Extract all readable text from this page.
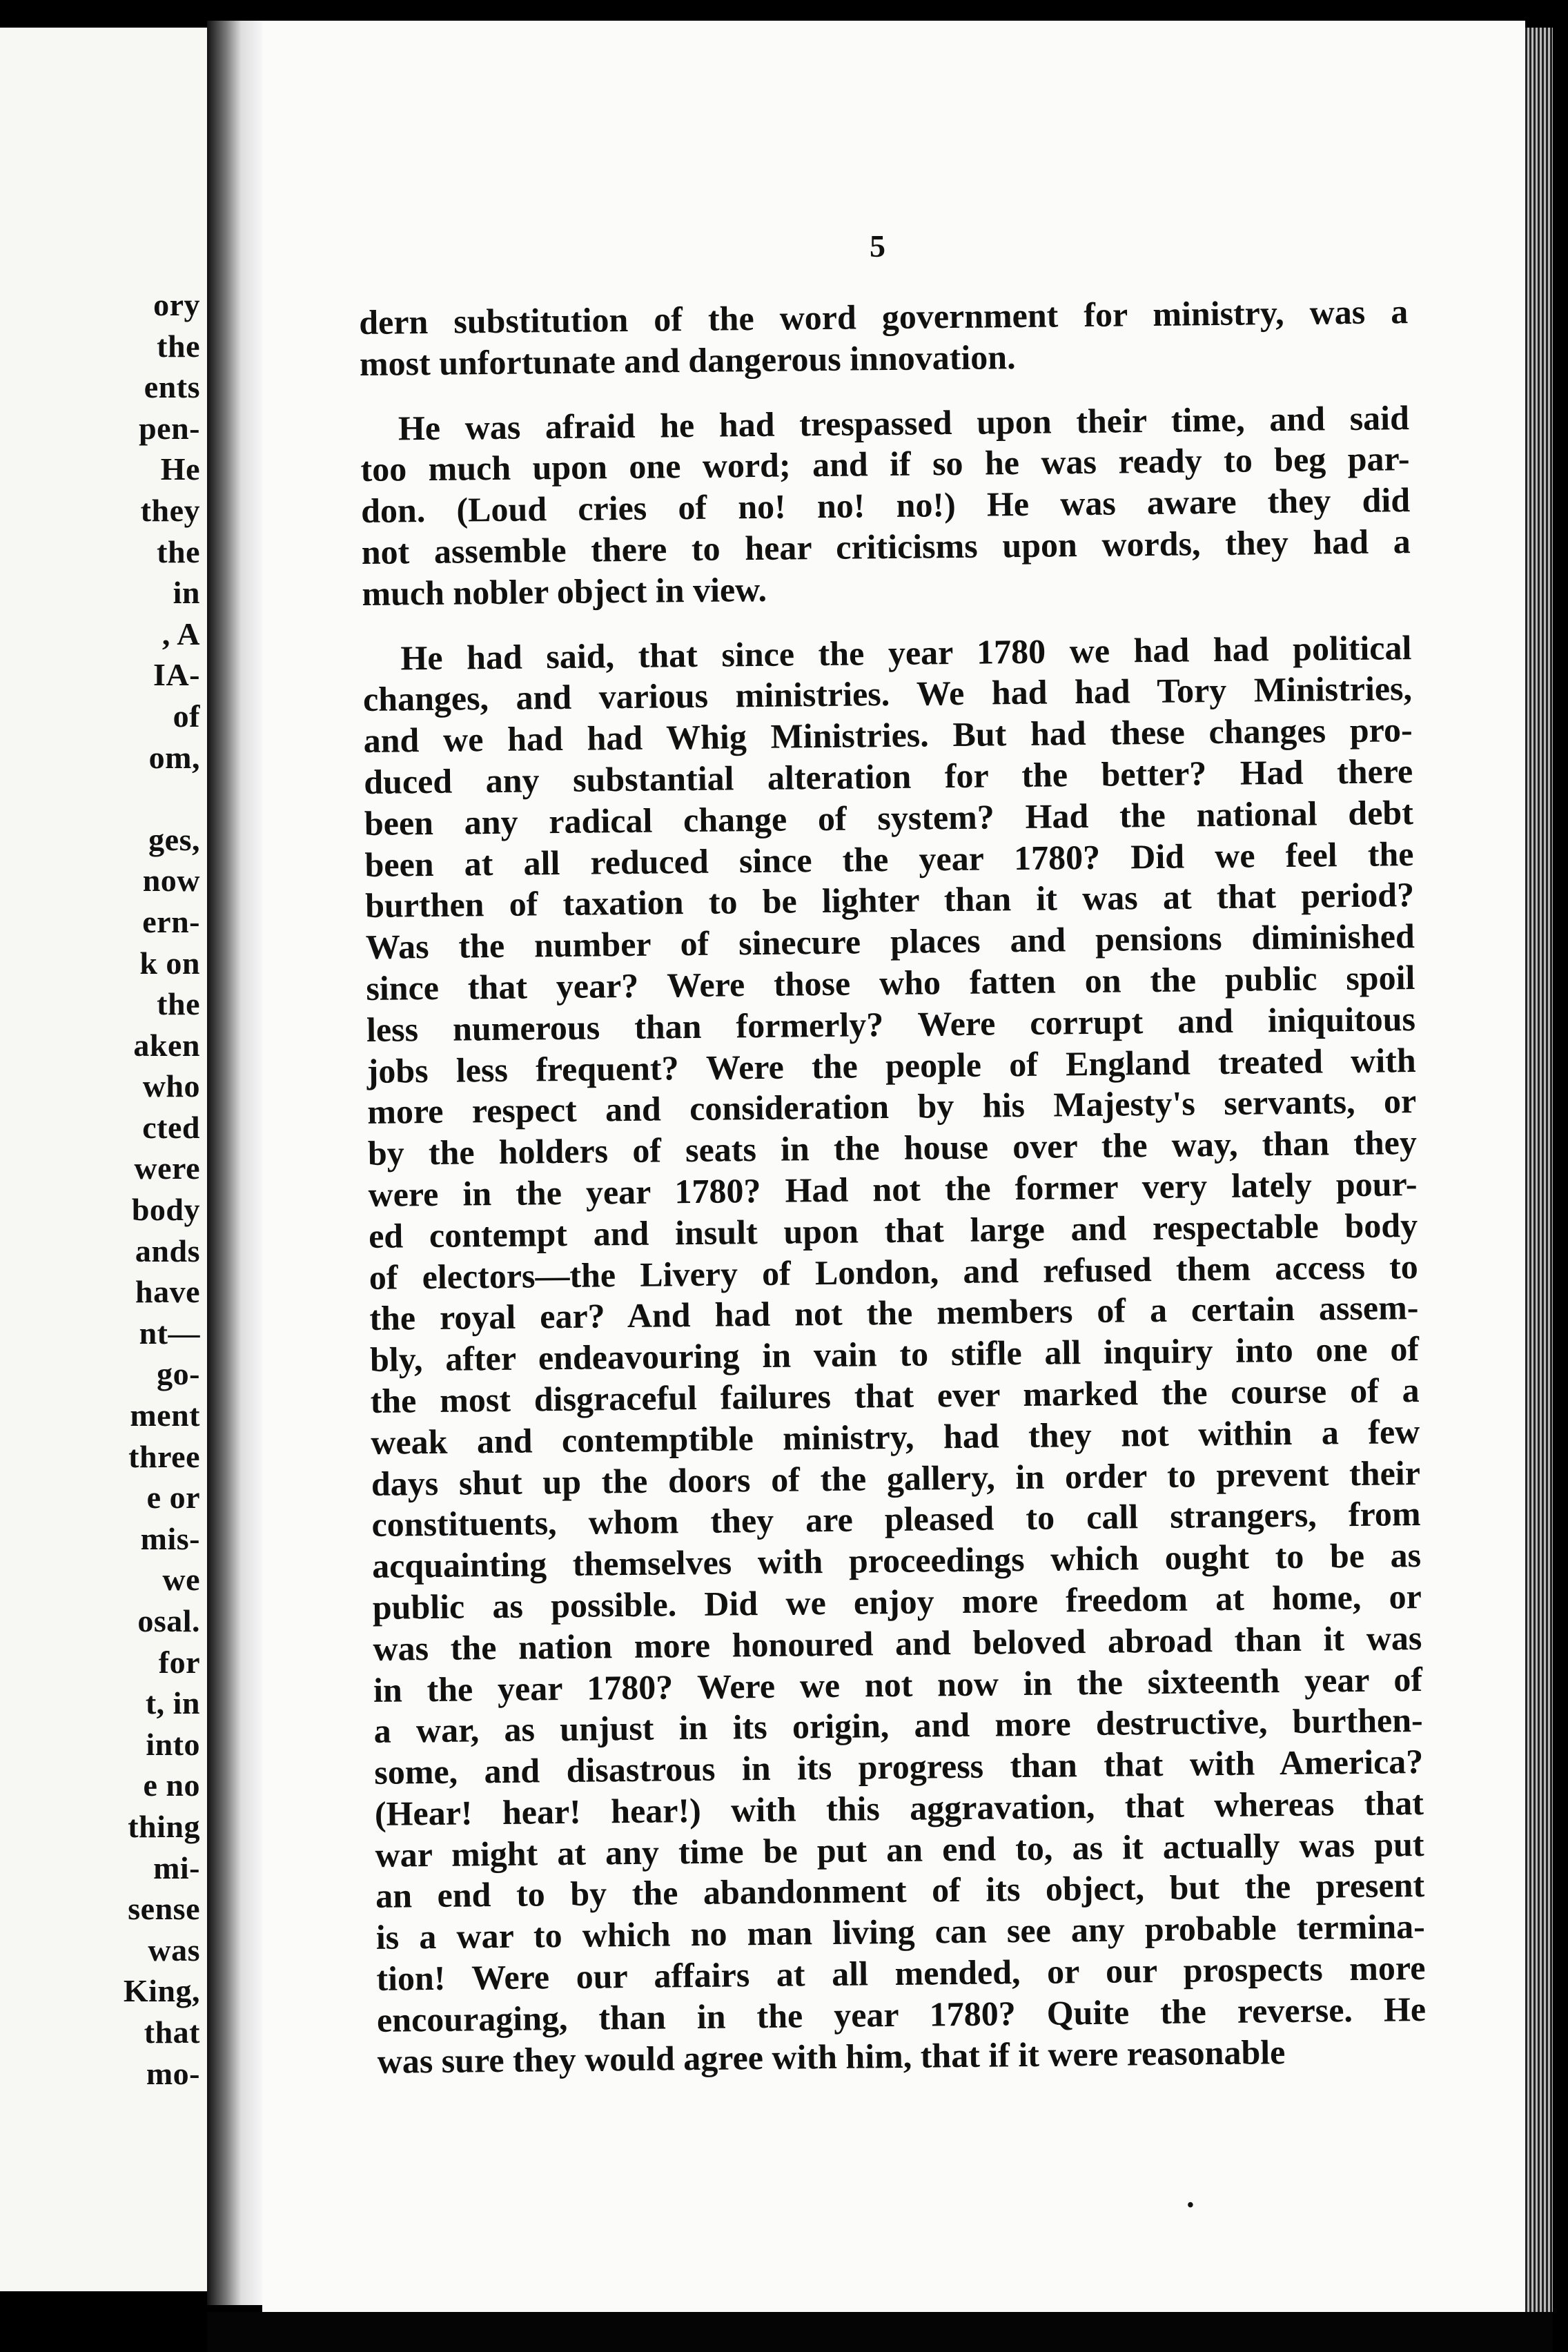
ory
the
ents
pen-
He
they
the
in
, A
IA-
of
om,
ges,
now
ern-
k on
the
aken
who
cted
were
body
ands
have
nt—
go-
ment
three
e or
mis-
we
osal.
for
t, in
into
e no
thing
mi-
sense
was
King,
that
mo-
5
dern substitution of the word government for ministry, was a
most unfortunate and dangerous innovation.
He was afraid he had trespassed upon their time, and said
too much upon one word; and if so he was ready to beg par-
don. (Loud cries of no! no! no!) He was aware they did
not assemble there to hear criticisms upon words, they had a
much nobler object in view.
He had said, that since the year 1780 we had had political
changes, and various ministries. We had had Tory Ministries,
and we had had Whig Ministries. But had these changes pro-
duced any substantial alteration for the better? Had there
been any radical change of system? Had the national debt
been at all reduced since the year 1780? Did we feel the
burthen of taxation to be lighter than it was at that period?
Was the number of sinecure places and pensions diminished
since that year? Were those who fatten on the public spoil
less numerous than formerly? Were corrupt and iniquitous
jobs less frequent? Were the people of England treated with
more respect and consideration by his Majesty's servants, or
by the holders of seats in the house over the way, than they
were in the year 1780? Had not the former very lately pour-
ed contempt and insult upon that large and respectable body
of electors—the Livery of London, and refused them access to
the royal ear? And had not the members of a certain assem-
bly, after endeavouring in vain to stifle all inquiry into one of
the most disgraceful failures that ever marked the course of a
weak and contemptible ministry, had they not within a few
days shut up the doors of the gallery, in order to prevent their
constituents, whom they are pleased to call strangers, from
acquainting themselves with proceedings which ought to be as
public as possible. Did we enjoy more freedom at home, or
was the nation more honoured and beloved abroad than it was
in the year 1780? Were we not now in the sixteenth year of
a war, as unjust in its origin, and more destructive, burthen-
some, and disastrous in its progress than that with America?
(Hear! hear! hear!) with this aggravation, that whereas that
war might at any time be put an end to, as it actually was put
an end to by the abandonment of its object, but the present
is a war to which no man living can see any probable termina-
tion! Were our affairs at all mended, or our prospects more
encouraging, than in the year 1780? Quite the reverse. He
was sure they would agree with him, that if it were reasonable
•
